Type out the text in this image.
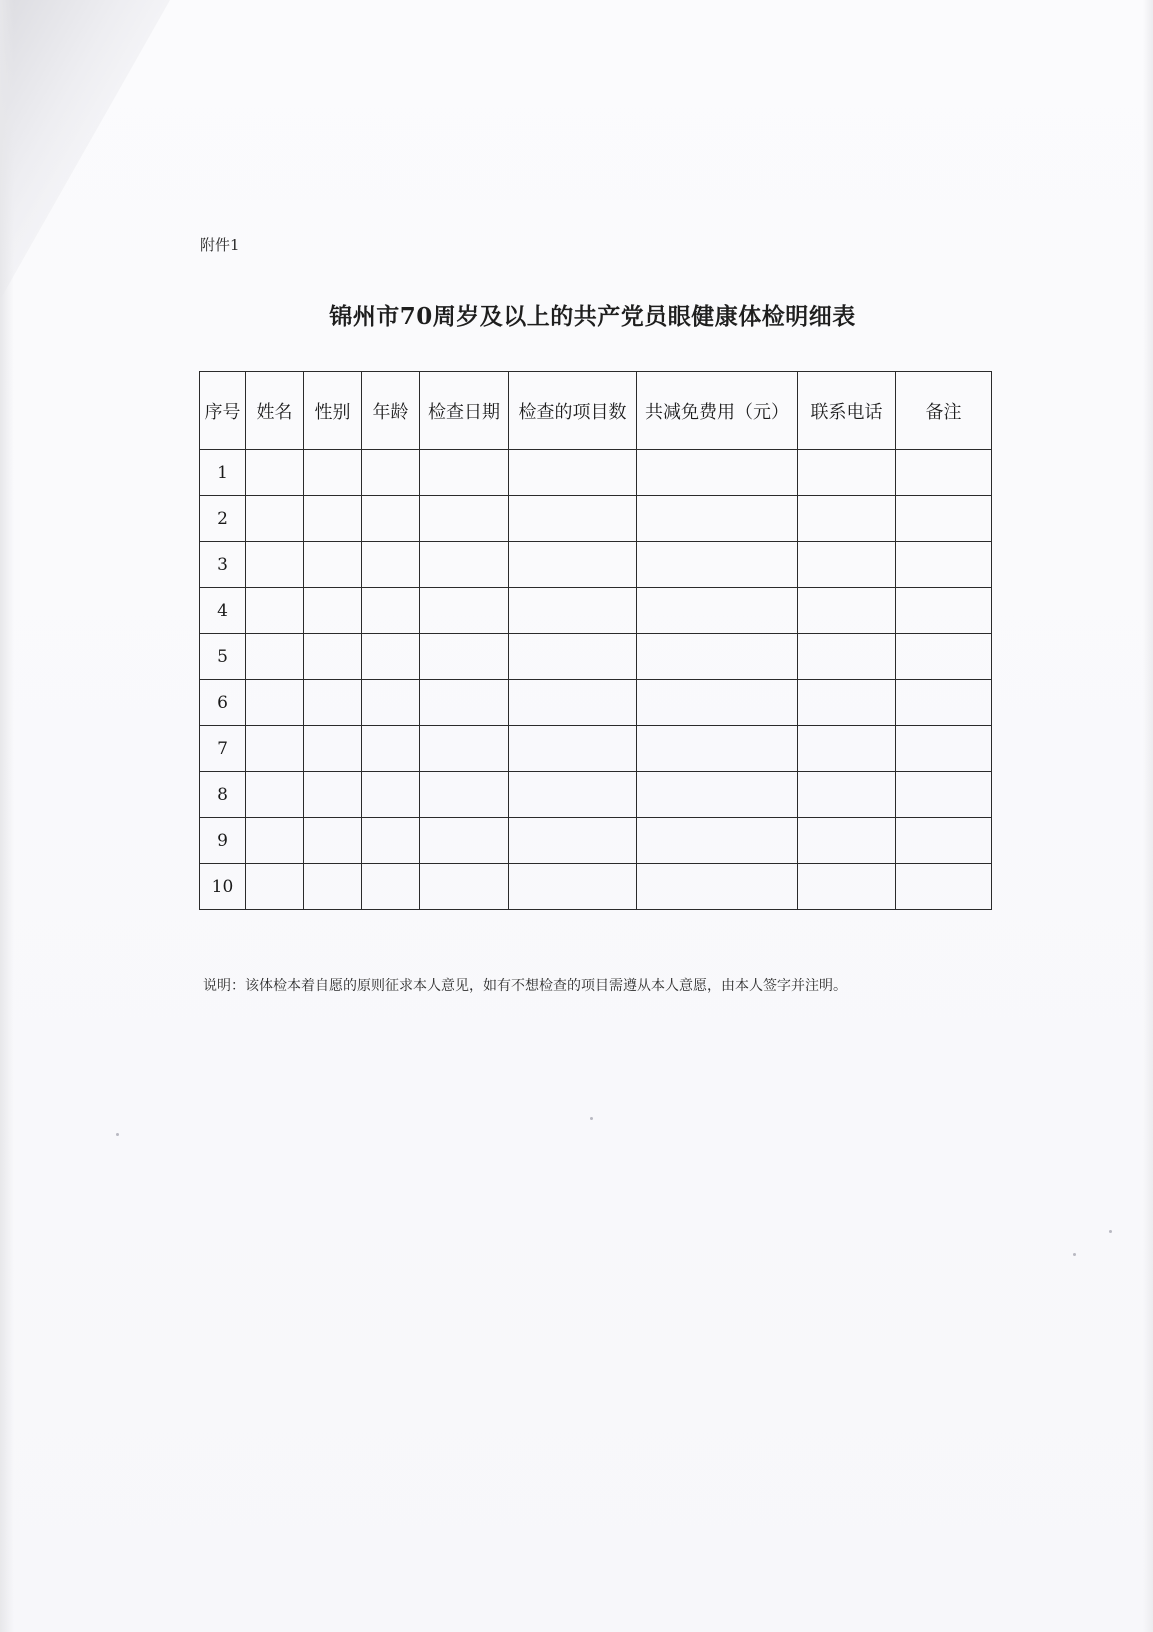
附件1
锦州市70周岁及以上的共产党员眼健康体检明细表
序号	姓名	性别	年龄	检查日期	检查的项目数	共减免费用（元）	联系电话	备注
1								
2								
3								
4								
5								
6								
7								
8								
9								
10								
说明：该体检本着自愿的原则征求本人意见，如有不想检查的项目需遵从本人意愿，由本人签字并注明。
